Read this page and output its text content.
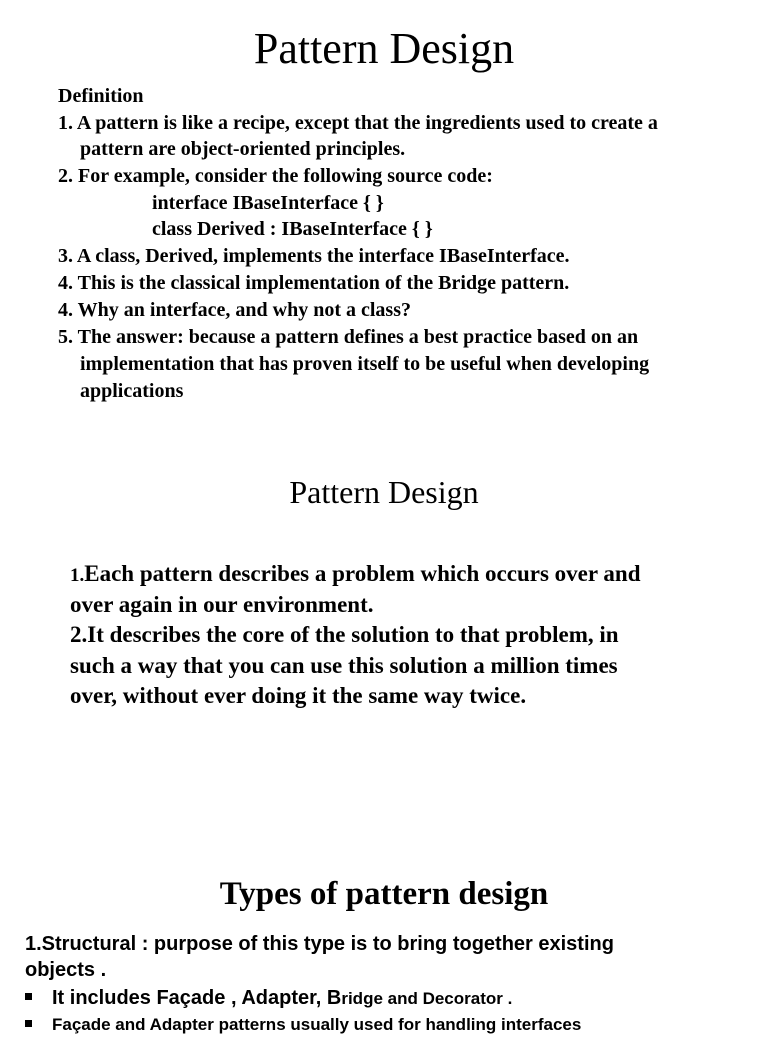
Pattern Design
Definition
1. A pattern is like a recipe, except that the ingredients used to create a
pattern are object-oriented principles.
2. For example, consider the following source code:
interface IBaseInterface { }
class Derived : IBaseInterface { }
3. A class, Derived, implements the interface IBaseInterface.
4. This is the classical implementation of the Bridge pattern.
4. Why an interface, and why not a class?
5. The answer: because a pattern defines a best practice based on an
implementation that has proven itself to be useful when developing
applications
Pattern Design
1.Each pattern describes a problem which occurs over and
over again in our environment.
2.It describes the core of the solution to that problem, in
such a way that you can use this solution a million times
over, without ever doing it the same way twice.
Types of pattern design
1.Structural : purpose of this type is to bring together existing
objects .
It includes Façade , Adapter, Bridge and Decorator .
Façade and Adapter patterns usually used for handling interfaces
